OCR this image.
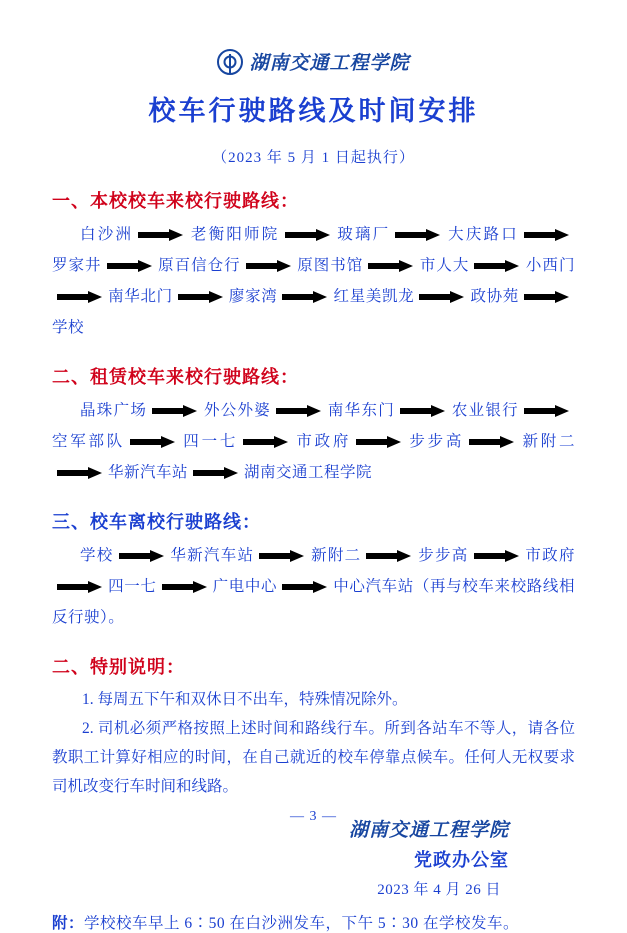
湖南交通工程学院
校车行驶路线及时间安排
（2023 年 5 月 1 日起执行）
一、本校校车来校行驶路线：
白沙洲	老衡阳师院	玻璃厂	大庆路口
罗家井	原百信仓行	原图书馆	市人大	小西门
南华北门	廖家湾	红星美凯龙	政协苑
学校
二、租赁校车来校行驶路线：
晶珠广场	外公外婆	南华东门	农业银行
空军部队	四一七	市政府	步步高	新附二
华新汽车站	湖南交通工程学院
三、校车离校行驶路线：
学校	华新汽车站	新附二	步步高	市政府
四一七	广电中心	中心汽车站（再与校车来校路线相反行驶）。
二、特别说明：
1. 每周五下午和双休日不出车，特殊情况除外。
2. 司机必须严格按照上述时间和路线行车。所到各站车不等人，请各位教职工计算好相应的时间，在自己就近的校车停靠点候车。任何人无权要求司机改变行车时间和线路。
湖南交通工程学院
党政办公室
2023 年 4 月 26 日
附：学校校车早上 6∶50 在白沙洲发车，下午 5∶30 在学校发车。
— 3 —
